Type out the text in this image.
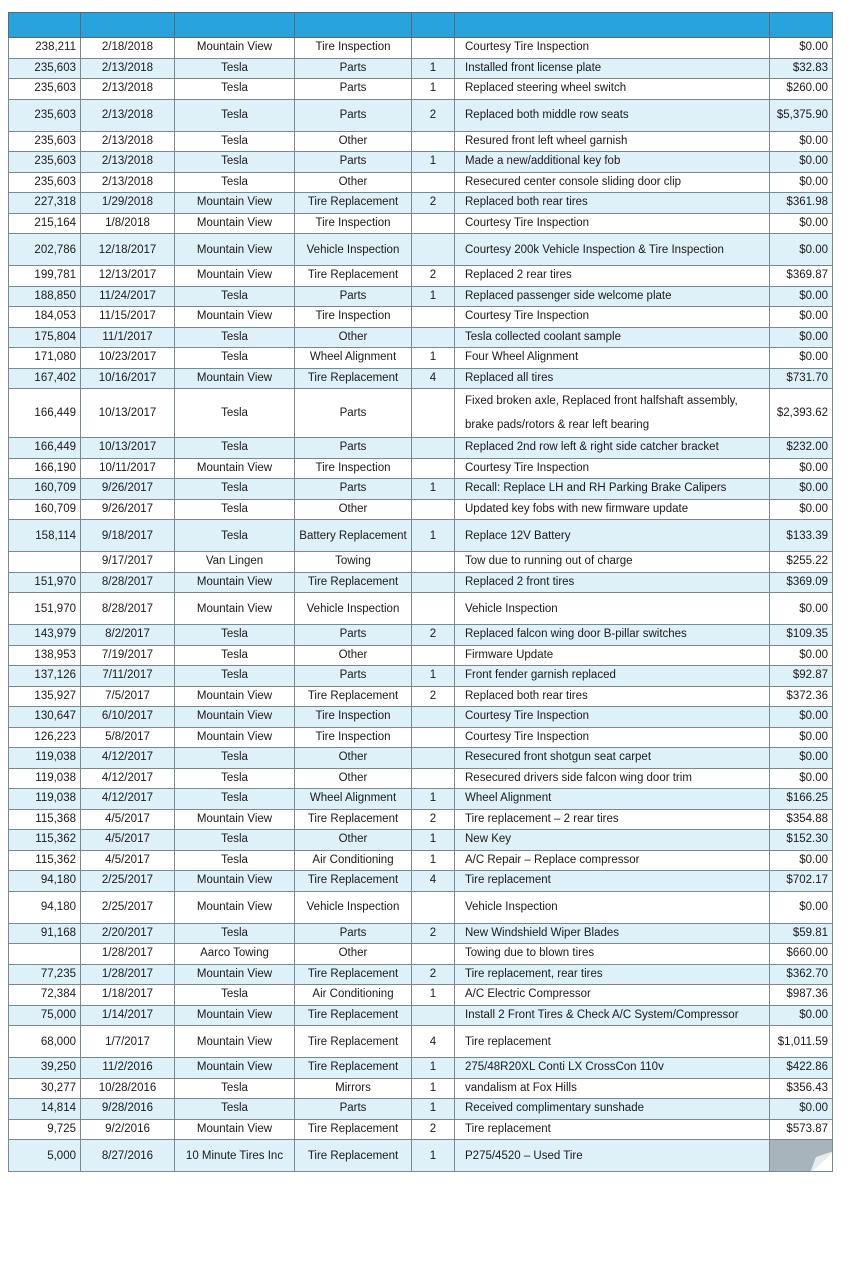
238,211	2/18/2018	Mountain View	Tire Inspection		Courtesy Tire Inspection	$0.00
235,603	2/13/2018	Tesla	Parts	1	Installed front license plate	$32.83
235,603	2/13/2018	Tesla	Parts	1	Replaced steering wheel switch	$260.00
235,603	2/13/2018	Tesla	Parts	2	Replaced both middle row seats	$5,375.90
235,603	2/13/2018	Tesla	Other		Resured front left wheel garnish	$0.00
235,603	2/13/2018	Tesla	Parts	1	Made a new/additional key fob	$0.00
235,603	2/13/2018	Tesla	Other		Resecured center console sliding door clip	$0.00
227,318	1/29/2018	Mountain View	Tire Replacement	2	Replaced both rear tires	$361.98
215,164	1/8/2018	Mountain View	Tire Inspection		Courtesy Tire Inspection	$0.00
202,786	12/18/2017	Mountain View	Vehicle Inspection		Courtesy 200k Vehicle Inspection & Tire Inspection	$0.00
199,781	12/13/2017	Mountain View	Tire Replacement	2	Replaced 2 rear tires	$369.87
188,850	11/24/2017	Tesla	Parts	1	Replaced passenger side welcome plate	$0.00
184,053	11/15/2017	Mountain View	Tire Inspection		Courtesy Tire Inspection	$0.00
175,804	11/1/2017	Tesla	Other		Tesla collected coolant sample	$0.00
171,080	10/23/2017	Tesla	Wheel Alignment	1	Four Wheel Alignment	$0.00
167,402	10/16/2017	Mountain View	Tire Replacement	4	Replaced all tires	$731.70
166,449	10/13/2017	Tesla	Parts		Fixed broken axle, Replaced front halfshaft assembly, brake pads/rotors & rear left bearing	$2,393.62
166,449	10/13/2017	Tesla	Parts		Replaced 2nd row left & right side catcher bracket	$232.00
166,190	10/11/2017	Mountain View	Tire Inspection		Courtesy Tire Inspection	$0.00
160,709	9/26/2017	Tesla	Parts	1	Recall: Replace LH and RH Parking Brake Calipers	$0.00
160,709	9/26/2017	Tesla	Other		Updated key fobs with new firmware update	$0.00
158,114	9/18/2017	Tesla	Battery Replacement	1	Replace 12V Battery	$133.39
	9/17/2017	Van Lingen	Towing		Tow due to running out of charge	$255.22
151,970	8/28/2017	Mountain View	Tire Replacement		Replaced 2 front tires	$369.09
151,970	8/28/2017	Mountain View	Vehicle Inspection		Vehicle Inspection	$0.00
143,979	8/2/2017	Tesla	Parts	2	Replaced falcon wing door B-pillar switches	$109.35
138,953	7/19/2017	Tesla	Other		Firmware Update	$0.00
137,126	7/11/2017	Tesla	Parts	1	Front fender garnish replaced	$92.87
135,927	7/5/2017	Mountain View	Tire Replacement	2	Replaced both rear tires	$372.36
130,647	6/10/2017	Mountain View	Tire Inspection		Courtesy Tire Inspection	$0.00
126,223	5/8/2017	Mountain View	Tire Inspection		Courtesy Tire Inspection	$0.00
119,038	4/12/2017	Tesla	Other		Resecured front shotgun seat carpet	$0.00
119,038	4/12/2017	Tesla	Other		Resecured drivers side falcon wing door trim	$0.00
119,038	4/12/2017	Tesla	Wheel Alignment	1	Wheel Alignment	$166.25
115,368	4/5/2017	Mountain View	Tire Replacement	2	Tire replacement – 2 rear tires	$354.88
115,362	4/5/2017	Tesla	Other	1	New Key	$152.30
115,362	4/5/2017	Tesla	Air Conditioning	1	A/C Repair – Replace compressor	$0.00
94,180	2/25/2017	Mountain View	Tire Replacement	4	Tire replacement	$702.17
94,180	2/25/2017	Mountain View	Vehicle Inspection		Vehicle Inspection	$0.00
91,168	2/20/2017	Tesla	Parts	2	New Windshield Wiper Blades	$59.81
	1/28/2017	Aarco Towing	Other		Towing due to blown tires	$660.00
77,235	1/28/2017	Mountain View	Tire Replacement	2	Tire replacement, rear tires	$362.70
72,384	1/18/2017	Tesla	Air Conditioning	1	A/C Electric Compressor	$987.36
75,000	1/14/2017	Mountain View	Tire Replacement		Install 2 Front Tires & Check A/C System/Compressor	$0.00
68,000	1/7/2017	Mountain View	Tire Replacement	4	Tire replacement	$1,011.59
39,250	11/2/2016	Mountain View	Tire Replacement	1	275/48R20XL Conti LX CrossCon 110v	$422.86
30,277	10/28/2016	Tesla	Mirrors	1	vandalism at Fox Hills	$356.43
14,814	9/28/2016	Tesla	Parts	1	Received complimentary sunshade	$0.00
9,725	9/2/2016	Mountain View	Tire Replacement	2	Tire replacement	$573.87
5,000	8/27/2016	10 Minute Tires Inc	Tire Replacement	1	P275/4520 – Used Tire	
